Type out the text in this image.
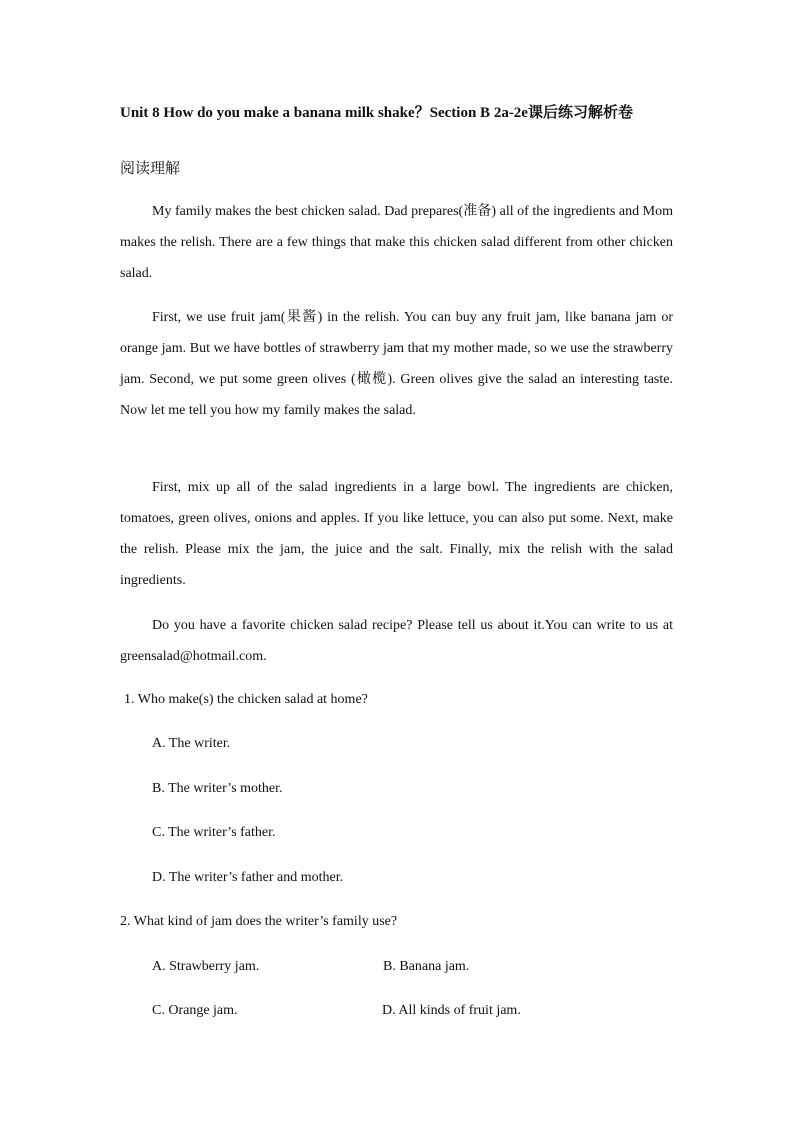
Unit 8 How do you make a banana milk shake？Section B 2a-2e课后练习解析卷
阅读理解

My family makes the best chicken salad. Dad prepares(准备) all of the ingredients and Mom makes the relish. There are a few things that make this chicken salad different from other chicken salad.

First, we use fruit jam(果酱) in the relish. You can buy any fruit jam, like banana jam or orange jam. But we have bottles of strawberry jam that my mother made, so we use the strawberry jam. Second, we put some green olives (橄榄). Green olives give the salad an interesting taste. Now let me tell you how my family makes the salad.

First, mix up all of the salad ingredients in a large bowl. The ingredients are chicken, tomatoes, green olives, onions and apples. If you like lettuce, you can also put some. Next, make the relish. Please mix the jam, the juice and the salt. Finally, mix the relish with the salad ingredients.

Do you have a favorite chicken salad recipe? Please tell us about it.You can write to us at greensalad@hotmail.com.

1. Who make(s) the chicken salad at home?
A. The writer.
B. The writer’s mother.
C. The writer’s father.
D. The writer’s father and mother.
2. What kind of jam does the writer’s family use?
A. Strawberry jam.	B. Banana jam.
C. Orange jam.	D. All kinds of fruit jam.
